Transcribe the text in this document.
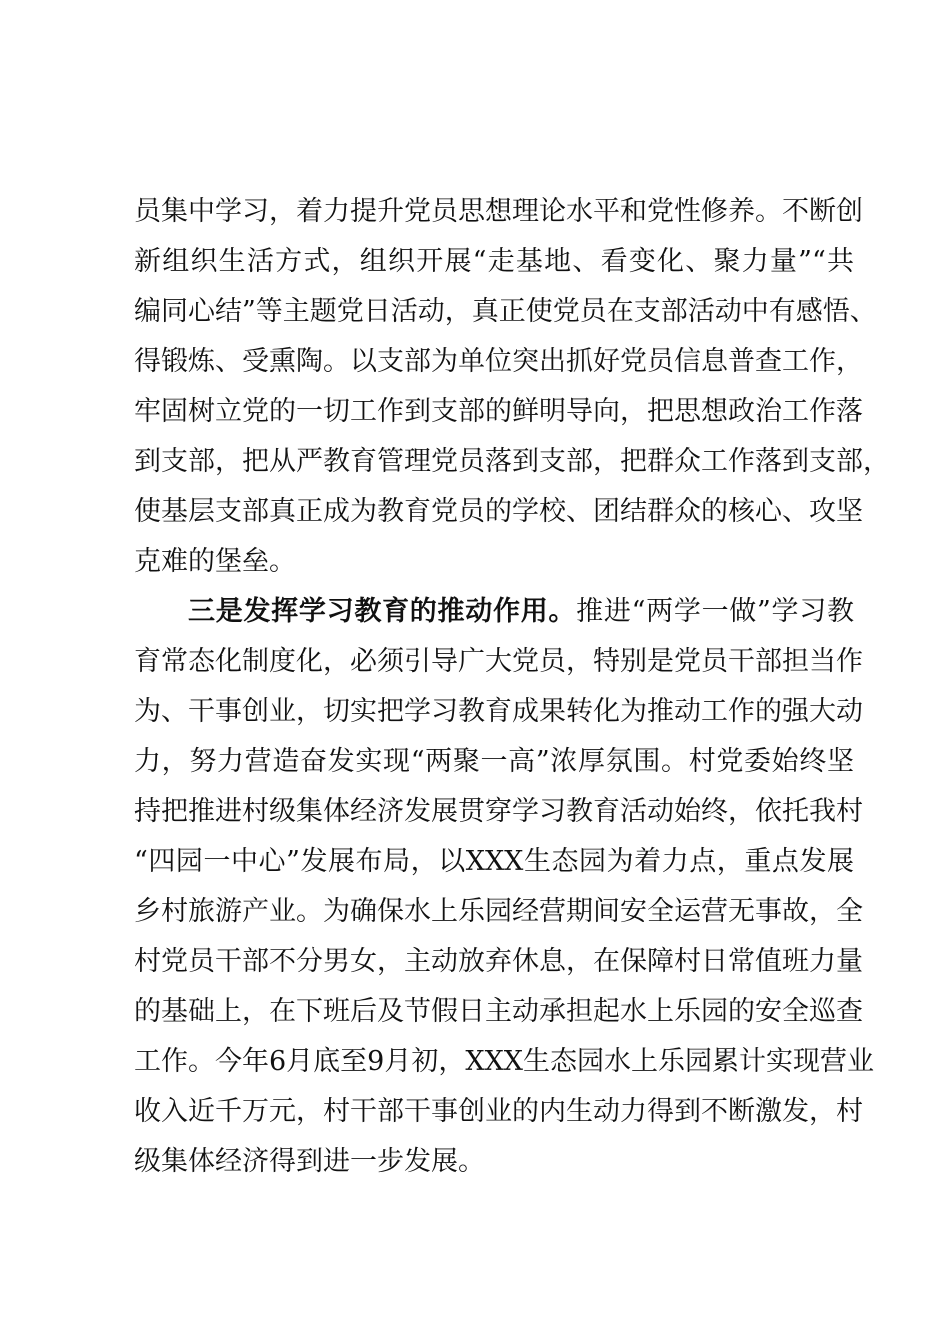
员集中学习，着力提升党员思想理论水平和党性修养。不断创
新组织生活方式，组织开展“走基地、看变化、聚力量”“共
编同心结”等主题党日活动，真正使党员在支部活动中有感悟、
得锻炼、受熏陶。以支部为单位突出抓好党员信息普查工作，
牢固树立党的一切工作到支部的鲜明导向，把思想政治工作落
到支部，把从严教育管理党员落到支部，把群众工作落到支部，
使基层支部真正成为教育党员的学校、团结群众的核心、攻坚
克难的堡垒。
三是发挥学习教育的推动作用。推进“两学一做”学习教
育常态化制度化，必须引导广大党员，特别是党员干部担当作
为、干事创业，切实把学习教育成果转化为推动工作的强大动
力，努力营造奋发实现“两聚一高”浓厚氛围。村党委始终坚
持把推进村级集体经济发展贯穿学习教育活动始终，依托我村
“四园一中心”发展布局，以XXX生态园为着力点，重点发展
乡村旅游产业。为确保水上乐园经营期间安全运营无事故，全
村党员干部不分男女，主动放弃休息，在保障村日常值班力量
的基础上，在下班后及节假日主动承担起水上乐园的安全巡查
工作。今年6月底至9月初，XXX生态园水上乐园累计实现营业
收入近千万元，村干部干事创业的内生动力得到不断激发，村
级集体经济得到进一步发展。
